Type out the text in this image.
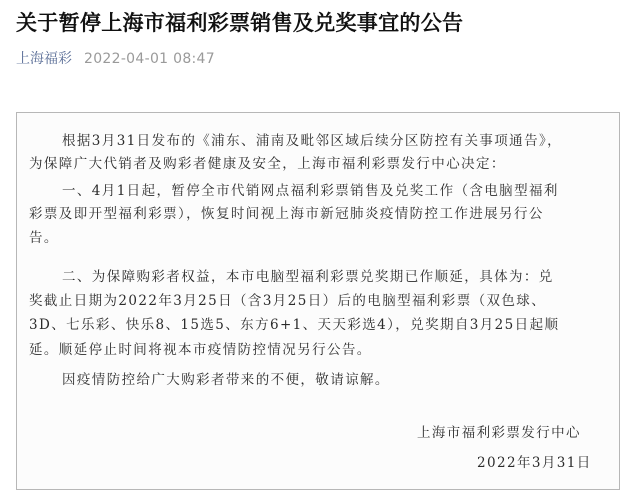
关于暂停上海市福利彩票销售及兑奖事宜的公告
上海福彩 2022-04-01 08:47
根据3月31日发布的《浦东、浦南及毗邻区域后续分区防控有关事项通告》，
为保障广大代销者及购彩者健康及安全，上海市福利彩票发行中心决定：
一、4月1日起，暂停全市代销网点福利彩票销售及兑奖工作（含电脑型福利
彩票及即开型福利彩票），恢复时间视上海市新冠肺炎疫情防控工作进展另行公
告。
二、为保障购彩者权益，本市电脑型福利彩票兑奖期已作顺延，具体为：兑
奖截止日期为2022年3月25日（含3月25日）后的电脑型福利彩票（双色球、
3D、七乐彩、快乐8、15选5、东方6+1、天天彩选4），兑奖期自3月25日起顺
延。顺延停止时间将视本市疫情防控情况另行公告。
因疫情防控给广大购彩者带来的不便，敬请谅解。
上海市福利彩票发行中心
2022年3月31日
